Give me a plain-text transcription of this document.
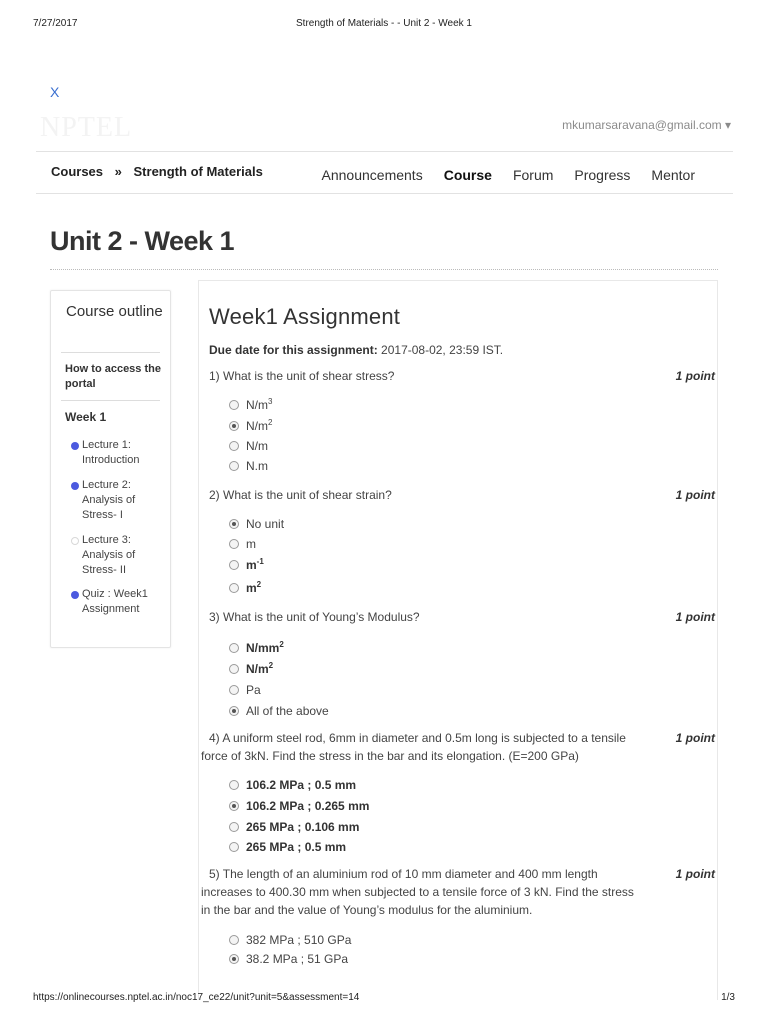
7/27/2017	Strength of Materials - - Unit 2 - Week 1
X
NPTEL	mkumarsaravana@gmail.com ▾
Courses » Strength of Materials	Announcements Course Forum Progress Mentor
Unit 2 - Week 1
Course outline
How to access the portal
Week 1
Lecture 1: Introduction
Lecture 2: Analysis of Stress- I
Lecture 3: Analysis of Stress- II
Quiz : Week1 Assignment
Week1 Assignment
Due date for this assignment: 2017-08-02, 23:59 IST.
1) What is the unit of shear stress?	1 point
$N/m^3$
$N/m^2$
N/m
N.m
2) What is the unit of shear strain?	1 point
No unit
m
$m^{-1}$
$m^2$
3) What is the unit of Young’s Modulus?	1 point
$N/mm^2$
$N/m^2$
Pa
All of the above
4) A uniform steel rod, 6mm in diameter and 0.5m long is subjected to a tensile force of 3kN. Find the stress in the bar and its elongation. (E=200 GPa)
1 point
106.2 MPa ; 0.5 mm
106.2 MPa ; 0.265 mm
265 MPa ; 0.106 mm
265 MPa ; 0.5 mm
5) The length of an aluminium rod of 10 mm diameter and 400 mm length increases to 400.30 mm when subjected to a tensile force of 3 kN. Find the stress in the bar and the value of Young’s modulus for the aluminium.
1 point
382 MPa ; 510 GPa
38.2 MPa ; 51 GPa
https://onlinecourses.nptel.ac.in/noc17_ce22/unit?unit=5&assessment=14	1/3
